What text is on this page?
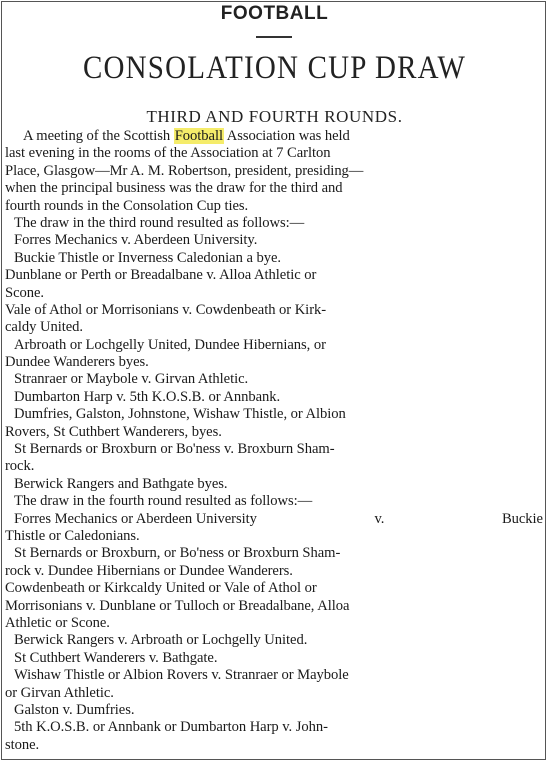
FOOTBALL
CONSOLATION CUP DRAW
THIRD AND FOURTH ROUNDS.
A meeting of the Scottish Football Association was held
last evening in the rooms of the Association at 7 Carlton
Place, Glasgow—Mr A. M. Robertson, president, presiding—
when the principal business was the draw for the third and
fourth rounds in the Consolation Cup ties.
The draw in the third round resulted as follows:—
Forres Mechanics v. Aberdeen University.
Buckie Thistle or Inverness Caledonian a bye.
Dunblane or Perth or Breadalbane v. Alloa Athletic or
Scone.
Vale of Athol or Morrisonians v. Cowdenbeath or Kirk-
caldy United.
Arbroath or Lochgelly United, Dundee Hibernians, or
Dundee Wanderers byes.
Stranraer or Maybole v. Girvan Athletic.
Dumbarton Harp v. 5th K.O.S.B. or Annbank.
Dumfries, Galston, Johnstone, Wishaw Thistle, or Albion
Rovers, St Cuthbert Wanderers, byes.
St Bernards or Broxburn or Bo'ness v. Broxburn Sham-
rock.
Berwick Rangers and Bathgate byes.
The draw in the fourth round resulted as follows:—
Forres Mechanics or Aberdeen University	v.	Buckie
Thistle or Caledonians.
St Bernards or Broxburn, or Bo'ness or Broxburn Sham-
rock v. Dundee Hibernians or Dundee Wanderers.
Cowdenbeath or Kirkcaldy United or Vale of Athol or
Morrisonians v. Dunblane or Tulloch or Breadalbane, Alloa
Athletic or Scone.
Berwick Rangers v. Arbroath or Lochgelly United.
St Cuthbert Wanderers v. Bathgate.
Wishaw Thistle or Albion Rovers v. Stranraer or Maybole
or Girvan Athletic.
Galston v. Dumfries.
5th K.O.S.B. or Annbank or Dumbarton Harp v. John-
stone.
